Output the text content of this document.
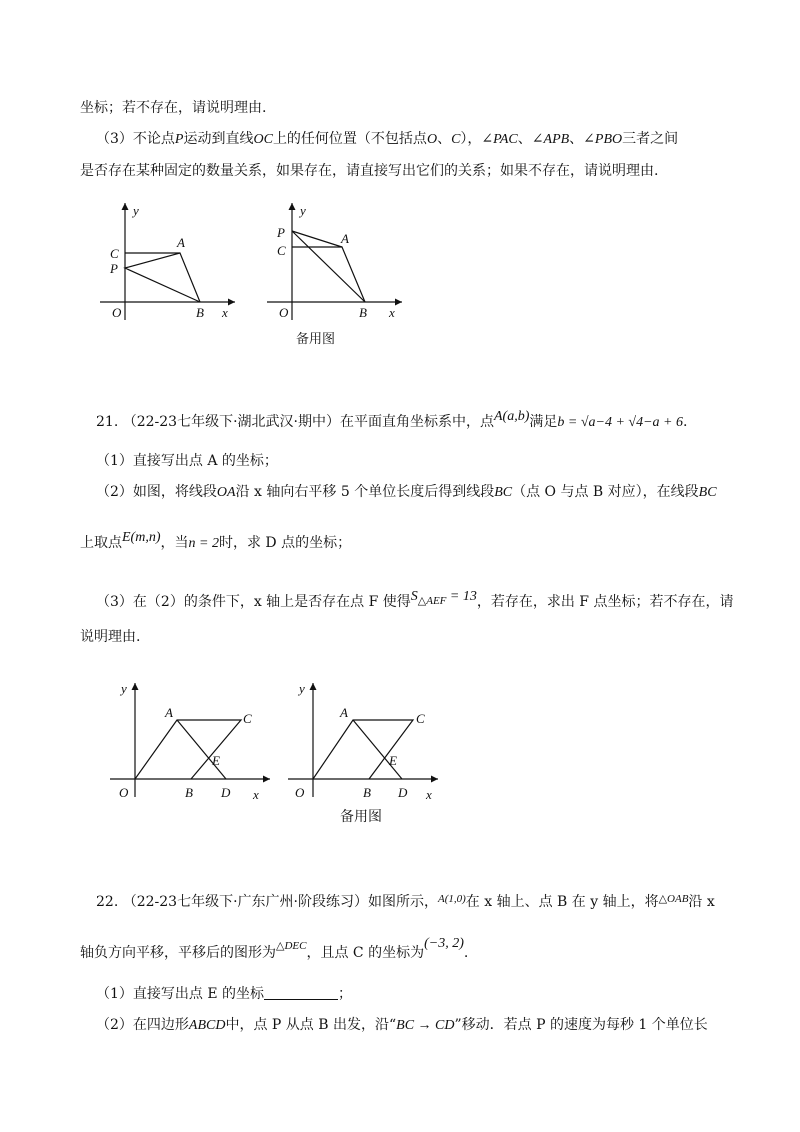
坐标；若不存在，请说明理由.
（3）不论点P运动到直线OC上的任何位置（不包括点O、C），∠PAC、∠APB、∠PBO三者之间
是否存在某种固定的数量关系，如果存在，请直接写出它们的关系；如果不存在，请说明理由.
y
C
A
P
O	B x
y
P	A
C
O	B x
备用图
21. （22-23七年级下·湖北武汉·期中）在平面直角坐标系中，点A(a,b)满足b = √a−4 + √4−a + 6.
（1）直接写出点 A 的坐标；
（2）如图，将线段OA沿 x 轴向右平移 5 个单位长度后得到线段BC（点 O 与点 B 对应），在线段BC
上取点E(m,n)，当n = 2时，求 D 点的坐标；
（3）在（2）的条件下，x 轴上是否存在点 F 使得$S_{\triangle AEF} = 13$，若存在，求出 F 点坐标；若不存在，请
说明理由.
y
A	C
E
O	B D x
y
A	C
E
O	B D x
备用图
22. （22-23七年级下·广东广州·阶段练习）如图所示，$^{A(1,0)}$在 x 轴上、点 B 在 y 轴上，将$^{\triangle OAB}$沿 x
轴负方向平移，平移后的图形为$^{\triangle DEC}$，且点 C 的坐标为(−3, 2).
（1）直接写出点 E 的坐标	；
（2）在四边形ABCD中，点 P 从点 B 出发，沿“BC → CD”移动．若点 P 的速度为每秒 1 个单位长
